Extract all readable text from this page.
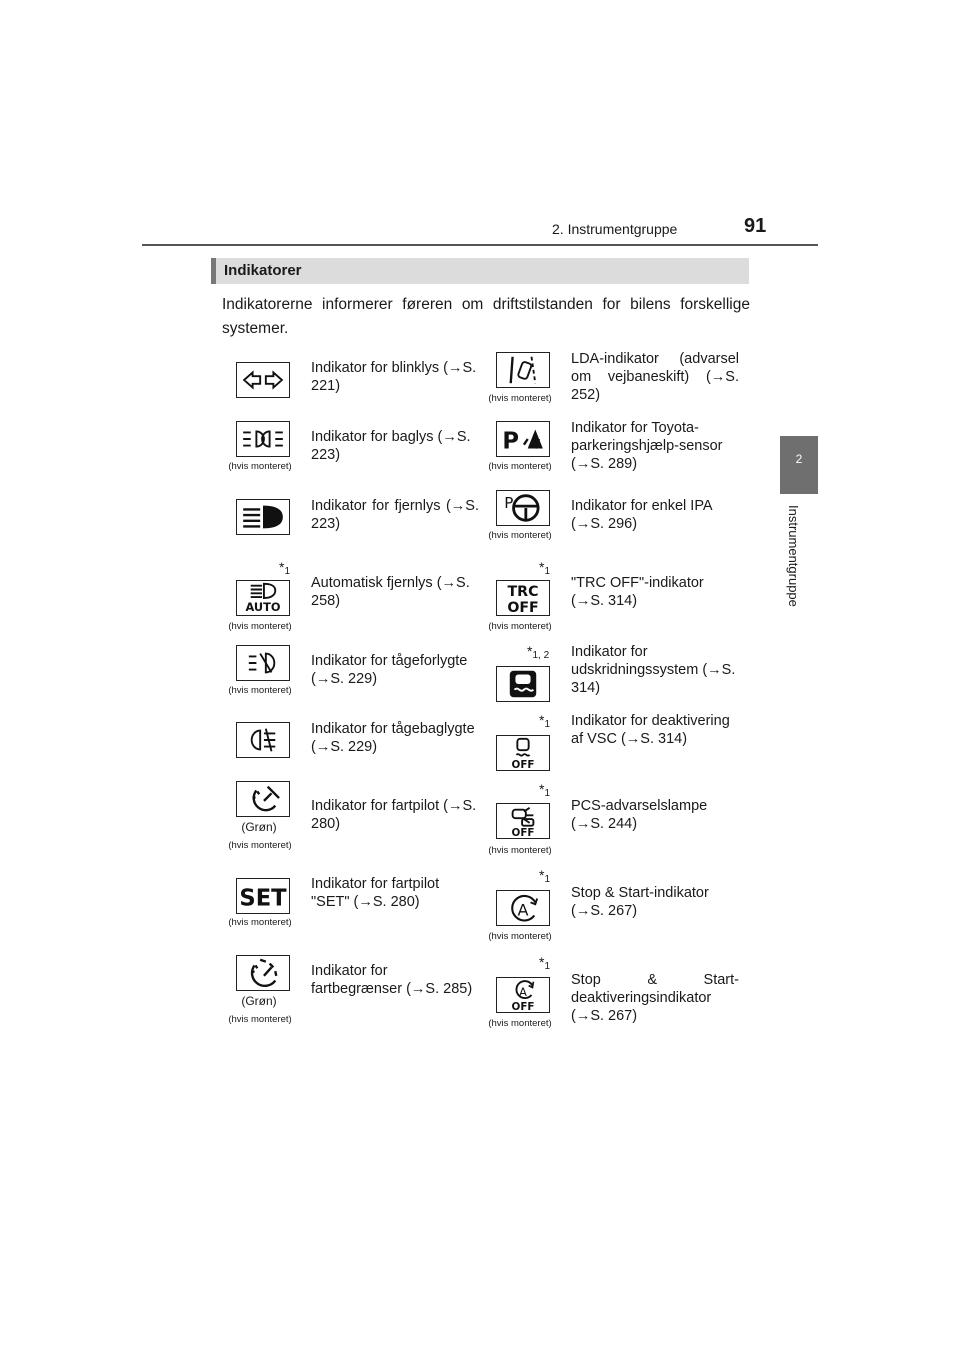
2. Instrumentgruppe	91
2
Instrumentgruppe
Indikatorer
Indikatorerne informerer føreren om driftstilstanden for bilens forskellige systemer.
Indikator for blinklys (→S. 221)
(hvis monteret)
Indikator for baglys (→S. 223)
Indikator for fjernlys (→S. 223)
*$^1$
AUTO
(hvis monteret)
Automatisk fjernlys (→S. 258)
(hvis monteret)
Indikator for tågeforlygte (→S. 229)
Indikator for tågebaglygte (→S. 229)
(Grøn)
(hvis monteret)
Indikator for fartpilot (→S. 280)
SET
(hvis monteret)
Indikator for fartpilot "SET" (→S. 280)
(Grøn)
(hvis monteret)
Indikator for fartbegrænser (→S. 285)
(hvis monteret)
LDA-indikator (advarsel om vejbaneskift) (→S. 252)
P
(hvis monteret)
Indikator for Toyota-parkeringshjælp-sensor (→S. 289)
P
(hvis monteret)
Indikator for enkel IPA (→S. 296)
*$^1$
TRC
OFF
(hvis monteret)
"TRC OFF"-indikator (→S. 314)
*$^{1, 2}$ Indikator for udskridningssystem (→S. 314)
*$^1$
OFF
Indikator for deaktivering af VSC (→S. 314)
*$^1$
OFF
(hvis monteret)
PCS-advarselslampe (→S. 244)
*$^1$
A
(hvis monteret)
Stop & Start-indikator (→S. 267)
*$^1$
A
OFF
(hvis monteret)
Stop & Start-deaktiveringsindikator (→S. 267)
